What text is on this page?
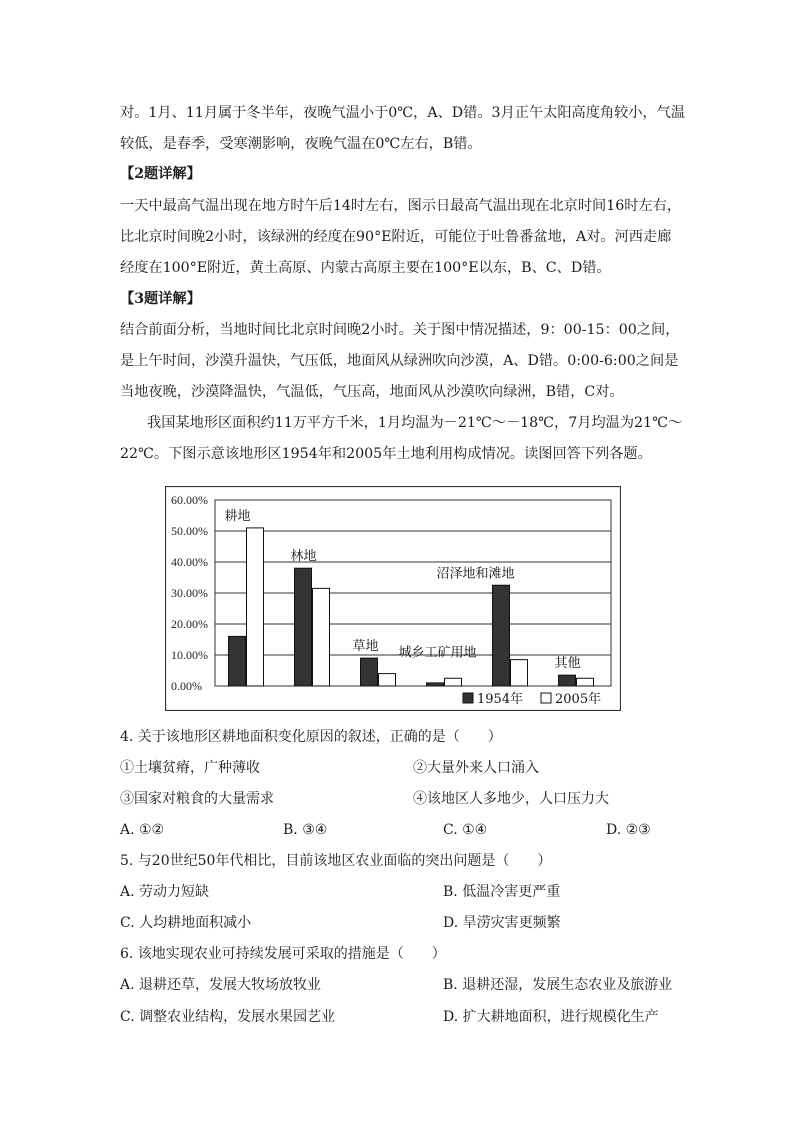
对。1月、11月属于冬半年，夜晚气温小于0℃，A、D错。3月正午太阳高度角较小，气温
较低，是春季，受寒潮影响，夜晚气温在0℃左右，B错。
【2题详解】
一天中最高气温出现在地方时午后14时左右，图示日最高气温出现在北京时间16时左右，
比北京时间晚2小时，该绿洲的经度在90°E附近，可能位于吐鲁番盆地，A对。河西走廊
经度在100°E附近，黄土高原、内蒙古高原主要在100°E以东，B、C、D错。
【3题详解】
结合前面分析，当地时间比北京时间晚2小时。关于图中情况描述，9：00-15：00之间，
是上午时间，沙漠升温快，气压低，地面风从绿洲吹向沙漠，A、D错。0:00-6:00之间是
当地夜晚，沙漠降温快，气温低，气压高，地面风从沙漠吹向绿洲，B错，C对。
我国某地形区面积约11万平方千米，1月均温为－21℃～－18℃，7月均温为21℃～
22℃。下图示意该地形区1954年和2005年土地利用构成情况。读图回答下列各题。
0.00%
10.00%
20.00%
30.00%
40.00%
50.00%
60.00%
耕地
林地
草地 城乡工矿用地
沼泽地和滩地
其他
1954年 2005年
4. 关于该地形区耕地面积变化原因的叙述，正确的是（　　）
①土壤贫瘠，广种薄收	②大量外来人口涌入
③国家对粮食的大量需求	④该地区人多地少，人口压力大
A. ①②	B. ③④	C. ①④	D. ②③
5. 与20世纪50年代相比，目前该地区农业面临的突出问题是（　　）
A. 劳动力短缺	B. 低温冷害更严重
C. 人均耕地面积减小	D. 旱涝灾害更频繁
6. 该地实现农业可持续发展可采取的措施是（　　）
A. 退耕还草，发展大牧场放牧业	B. 退耕还湿，发展生态农业及旅游业
C. 调整农业结构，发展水果园艺业	D. 扩大耕地面积，进行规模化生产
